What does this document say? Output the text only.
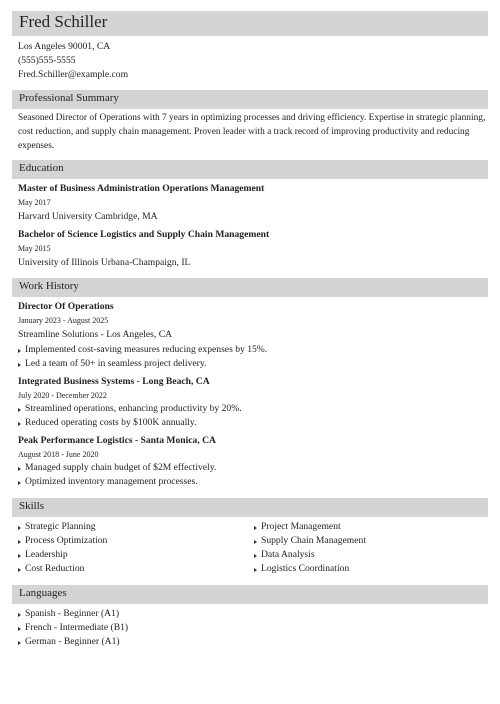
Fred Schiller
Los Angeles 90001, CA
(555)555-5555
Fred.Schiller@example.com
Professional Summary
Seasoned Director of Operations with 7 years in optimizing processes and driving efficiency. Expertise in strategic planning, cost reduction, and supply chain management. Proven leader with a track record of improving productivity and reducing expenses.
Education
Master of Business Administration Operations Management
May 2017
Harvard University Cambridge, MA
Bachelor of Science Logistics and Supply Chain Management
May 2015
University of Illinois Urbana-Champaign, IL
Work History
Director Of Operations
January 2023 - August 2025
Streamline Solutions - Los Angeles, CA
Implemented cost-saving measures reducing expenses by 15%.
Led a team of 50+ in seamless project delivery.
Integrated Business Systems - Long Beach, CA
July 2020 - December 2022
Streamlined operations, enhancing productivity by 20%.
Reduced operating costs by $100K annually.
Peak Performance Logistics - Santa Monica, CA
August 2018 - June 2020
Managed supply chain budget of $2M effectively.
Optimized inventory management processes.
Skills
Strategic Planning
Process Optimization
Leadership
Cost Reduction
Project Management
Supply Chain Management
Data Analysis
Logistics Coordination
Languages
Spanish - Beginner (A1)
French - Intermediate (B1)
German - Beginner (A1)
